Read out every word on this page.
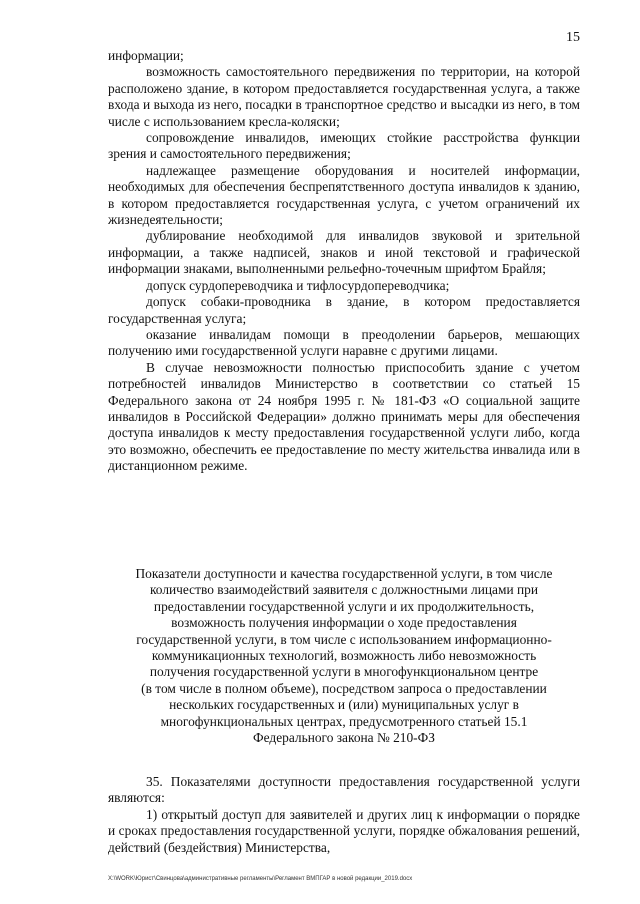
15

информации;

возможность самостоятельного передвижения по территории, на которой расположено здание, в котором предоставляется государственная услуга, а также входа и выхода из него, посадки в транспортное средство и высадки из него, в том числе с использованием кресла-коляски;

сопровождение инвалидов, имеющих стойкие расстройства функции зрения и самостоятельного передвижения;

надлежащее размещение оборудования и носителей информации, необходимых для обеспечения беспрепятственного доступа инвалидов к зданию, в котором предоставляется государственная услуга, с учетом ограничений их жизнедеятельности;

дублирование необходимой для инвалидов звуковой и зрительной информации, а также надписей, знаков и иной текстовой и графической информации знаками, выполненными рельефно-точечным шрифтом Брайля;

допуск сурдопереводчика и тифлосурдопереводчика;

допуск собаки-проводника в здание, в котором предоставляется государственная услуга;

оказание инвалидам помощи в преодолении барьеров, мешающих получению ими государственной услуги наравне с другими лицами.

В случае невозможности полностью приспособить здание с учетом потребностей инвалидов Министерство в соответствии со статьей 15 Федерального закона от 24 ноября 1995 г. № 181-ФЗ «О социальной защите инвалидов в Российской Федерации» должно принимать меры для обеспечения доступа инвалидов к месту предоставления государственной услуги либо, когда это возможно, обеспечить ее предоставление по месту жительства инвалида или в дистанционном режиме.

Показатели доступности и качества государственной услуги, в том числе
количество взаимодействий заявителя с должностными лицами при
предоставлении государственной услуги и их продолжительность,
возможность получения информации о ходе предоставления
государственной услуги, в том числе с использованием информационно-
коммуникационных технологий, возможность либо невозможность
получения государственной услуги в многофункциональном центре
(в том числе в полном объеме), посредством запроса о предоставлении
нескольких государственных и (или) муниципальных услуг в
многофункциональных центрах, предусмотренного статьей 15.1
Федерального закона № 210-ФЗ

35. Показателями доступности предоставления государственной услуги являются:

1) открытый доступ для заявителей и других лиц к информации о порядке и сроках предоставления государственной услуги, порядке обжалования решений, действий (бездействия) Министерства,

X:\WORK\Юрист\Свинцова\административные регламенты\Регламент ВМПГАР в новой редакции_2019.docx
